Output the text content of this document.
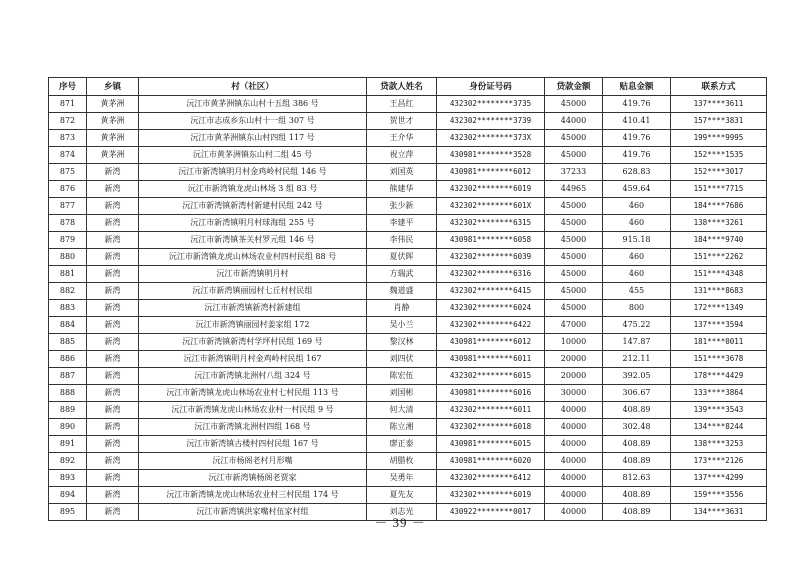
序号	乡镇	村（社区）	贷款人姓名	身份证号码	贷款金额	贴息金额	联系方式
871	黄茅洲	沅江市黄茅洲镇东山村十五组 386 号	王昌红	432302********3735	45000	419.76	137****3611
872	黄茅洲	沅江市志成乡东山村十一组 307 号	贺世才	432302********3739	44000	410.41	157****3831
873	黄茅洲	沅江市黄茅洲镇东山村四组 117 号	王介华	432302********373X	45000	419.76	199****9995
874	黄茅洲	沅江市黄茅洲镇东山村二组 45 号	祝立萍	430981********3528	45000	419.76	152****1535
875	新湾	沅江市新湾镇明月村金鸡岭村民组 146 号	刘国英	430981********6012	37233	628.83	152****3017
876	新湾	沅江市新湾镇龙虎山林场 3 组 83 号	熊建华	432302********6019	44965	459.64	151****7715
877	新湾	沅江市新湾镇新湾村新建村民组 242 号	张少新	432302********601X	45000	460	184****7686
878	新湾	沅江市新湾镇明月村球海组 255 号	李建平	432302********6315	45000	460	138****3261
879	新湾	沅江市新湾镇茶关村罗元组 146 号	李伟民	430981********6058	45000	915.18	184****9740
880	新湾	沅江市新湾镇龙虎山林场农业村四村民组 88 号	夏伏晖	432302********6039	45000	460	151****2262
881	新湾	沅江市新湾镇明月村	方瑞武	432302********6316	45000	460	151****4348
882	新湾	沅江市新湾镇丽园村七丘村村民组	魏道盛	432302********6415	45000	455	131****8683
883	新湾	沅江市新湾镇新湾村新建组	肖静	432302********6024	45000	800	172****1349
884	新湾	沅江市新湾镇丽园村姜家组 172	吴小兰	432302********6422	47000	475.22	137****3594
885	新湾	沅江市新湾镇新湾村学坪村民组 169 号	黎汉林	430981********6012	10000	147.87	181****0011
886	新湾	沅江市新湾镇明月村金鸡岭村民组 167	刘四伏	430981********6011	20000	212.11	151****3678
887	新湾	沅江市新湾镇北洲村八组 324 号	陈宏伍	432302********6015	20000	392.05	178****4429
888	新湾	沅江市新湾镇龙虎山林场农业村七村民组 113 号	刘国彬	430981********6016	30000	306.67	133****3864
889	新湾	沅江市新湾镇龙虎山林场农业村一村民组 9 号	何大清	432302********6011	40000	408.89	139****3543
890	新湾	沅江市新湾镇北洲村四组 168 号	陈立湘	432302********6018	40000	302.48	134****8244
891	新湾	沅江市新湾镇古楼村四村民组 167 号	廖正泰	430981********6015	40000	408.89	138****3253
892	新湾	沅江市杨阁老村月形嘴	胡腊枚	430981********6020	40000	408.89	173****2126
893	新湾	沅江市新湾镇杨阁老贾家	吴勇年	432302********6412	40000	812.63	137****4299
894	新湾	沅江市新湾镇龙虎山林场农业村三村民组 174 号	夏先友	432302********6019	40000	408.89	159****3556
895	新湾	沅江市新湾镇洪家嘴村伍家村组	刘志光	430922********0017	40000	408.89	134****3631
－ 39 －
